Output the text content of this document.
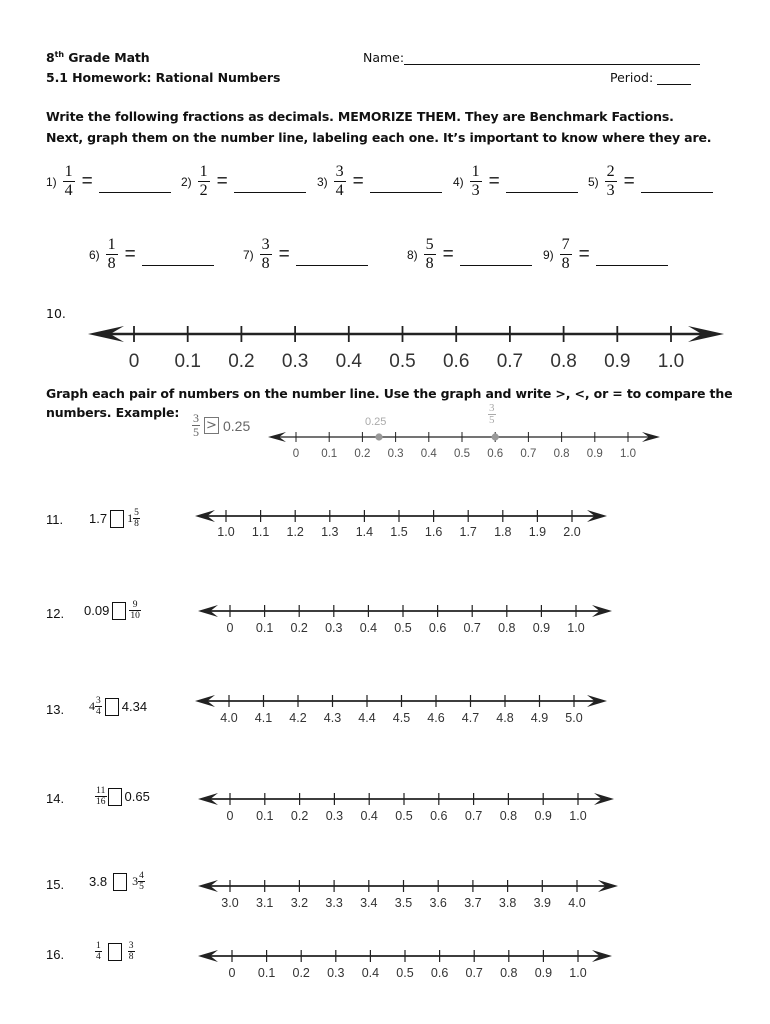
8th Grade Math
5.1 Homework: Rational Numbers
Name:
Period:
Write the following fractions as decimals. MEMORIZE THEM. They are Benchmark Factions.
Next, graph them on the number line, labeling each one. It’s important to know where they are.
$1) \frac{1}{4}$ =	$2) \frac{1}{2}$ =	$3) \frac{3}{4}$ =	$4) \frac{1}{3}$ =	$5) \frac{2}{3}$ =
$6) \frac{1}{8}$ =	$7) \frac{3}{8}$ =	$8) \frac{5}{8}$ =	$9) \frac{7}{8}$ =
10.
0 0.1 0.2 0.3 0.4 0.5 0.6 0.7 0.8 0.9 1.0
Graph each pair of numbers on the number line. Use the graph and write >, <, or = to compare the
numbers. Example: $\frac{3}{5} > 0.25$	0.25	$\frac{3}{5}$
0 0.1 0.2 0.3 0.4 0.5 0.6 0.7 0.8 0.9 1.0
11. 1.7 $1 \frac{5}{8}$
1.0 1.1 1.2 1.3 1.4 1.5 1.6 1.7 1.8 1.9 2.0
12. $0.09 \frac{9}{10}$
0 0.1 0.2 0.3 0.4 0.5 0.6 0.7 0.8 0.9 1.0
13. $4 \frac{3}{4} 4.34$
4.0 4.1 4.2 4.3 4.4 4.5 4.6 4.7 4.8 4.9 5.0
14.	$\frac{11}{16} 0.65$
0 0.1 0.2 0.3 0.4 0.5 0.6 0.7 0.8 0.9 1.0
15. 3.8 $3 \frac{4}{5}$
3.0 3.1 3.2 3.3 3.4 3.5 3.6 3.7 3.8 3.9 4.0
16.	$\frac{1}{4}$	$\frac{3}{8}$
0 0.1 0.2 0.3 0.4 0.5 0.6 0.7 0.8 0.9 1.0
